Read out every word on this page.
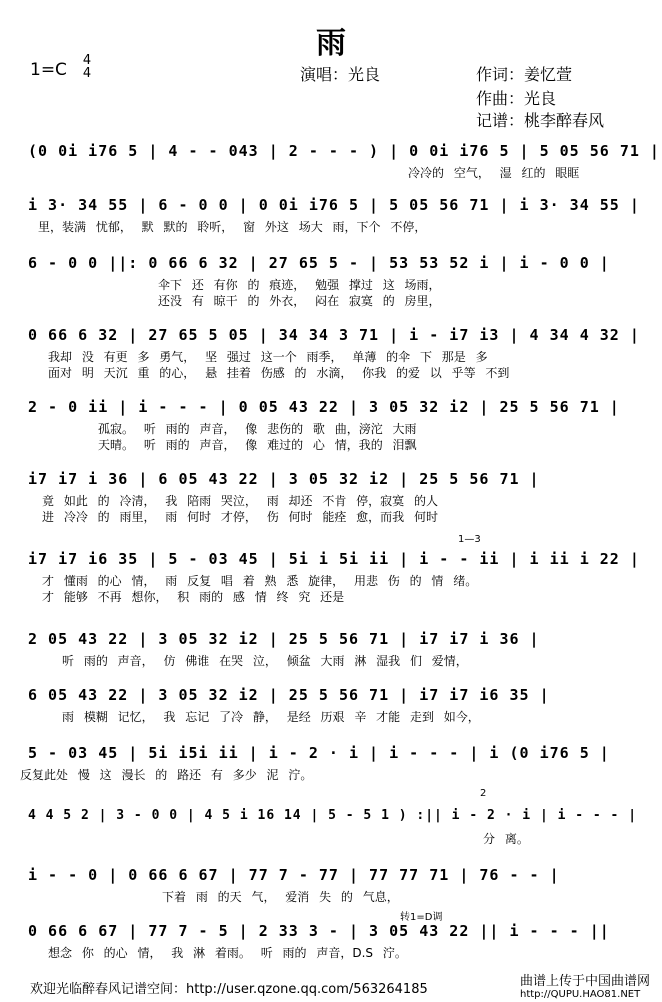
雨
1=C 4
4	演唱：光良	作词：姜忆萱
作曲：光良
记谱：桃李醉春风
(0 0i i76 5 | 4 - - 043 | 2 - - - ) | 0 0i i76 5 | 5 05 56 71 |
冷冷的 空气， 湿 红的 眼眶
i 3· 34 55 | 6 - 0 0 | 0 0i i76 5 | 5 05 56 71 | i 3· 34 55 |
里，装满 忧郁， 默 默的 聆听， 窗 外这 场大 雨，下个 不停，
6 - 0 0 ||: 0 66 6 32 | 27 65 5 - | 53 53 52 i | i - 0 0 |
伞下 还 有你 的 痕迹， 勉强 撑过 这 场雨，
还没 有 晾干 的 外衣， 闷在 寂寞 的 房里，
0 66 6 32 | 27 65 5 05 | 34 34 3 71 | i - i7 i3 | 4 34 4 32 |
我却 没 有更 多 勇气， 坚 强过 这一个 雨季， 单薄 的伞 下 那是 多
面对 明 天沉 重 的心， 悬 挂着 伤感 的 水滴， 你我 的爱 以 乎等 不到
2 - 0 ii | i - - - | 0 05 43 22 | 3 05 32 i2 | 25 5 56 71 |
孤寂。 听 雨的 声音， 像 悲伤的 歌 曲，滂沱 大雨
天晴。 听 雨的 声音， 像 难过的 心 情，我的 泪飘
i7 i7 i 36 | 6 05 43 22 | 3 05 32 i2 | 25 5 56 71 |
竟 如此 的 冷清， 我 陪雨 哭泣， 雨 却还 不肯 停，寂寞 的人
进 冷冷 的 雨里， 雨 何时 才停， 伤 何时 能痊 愈，而我 何时
1—3
i7 i7 i6 35 | 5 - 03 45 | 5i i 5i ii | i - - ii | i ii i 22 |
才 懂雨 的心 情， 雨 反复 唱 着 熟 悉 旋律， 用悲 伤 的 情 绪。
才 能够 不再 想你， 积 雨的 感 情 终 究 还是
2 05 43 22 | 3 05 32 i2 | 25 5 56 71 | i7 i7 i 36 |
听 雨的 声音， 仿 佛谁 在哭 泣， 倾盆 大雨 淋 湿我 们 爱情，
6 05 43 22 | 3 05 32 i2 | 25 5 56 71 | i7 i7 i6 35 |
雨 模糊 记忆， 我 忘记 了冷 静， 是经 历艰 辛 才能 走到 如今，
5 - 03 45 | 5i i5i ii | i - 2 · i | i - - - | i (0 i76 5 |
反复此处 慢 这 漫长 的 路还 有 多少 泥 泞。
2
4 4 5 2 | 3 - 0 0 | 4 5 i 16 14 | 5 - 5 1 ) :|| i - 2 · i | i - - - |
分 离。
i - - 0 | 0 66 6 67 | 77 7 - 77 | 77 77 71 | 76 - - |
下着 雨 的天 气， 爱消 失 的 气息，
转1=D调
0 66 6 67 | 77 7 - 5 | 2 33 3 - | 3 05 43 22 || i - - - ||
想念 你 的心 情， 我 淋 着雨。 听 雨的 声音，D.S 泞。
欢迎光临醉春风记谱空间：http://user.qzone.qq.com/563264185
曲谱上传于中国曲谱网
http://QUPU.HAO81.NET
